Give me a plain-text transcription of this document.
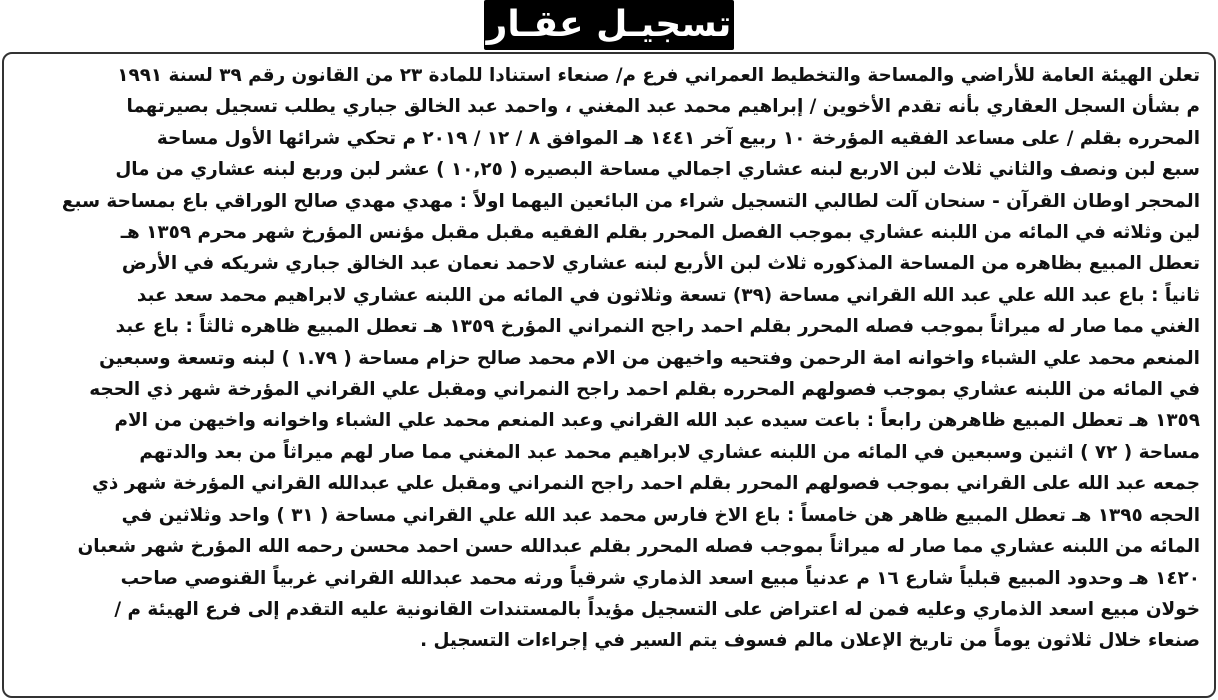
تسجيـل عقـار
تعلن الهيئة العامة للأراضي والمساحة والتخطيط العمراني فرع م/ صنعاء استنادا للمادة ٢٣ من القانون رقم ٣٩ لسنة ١٩٩١
م بشأن السجل العقاري بأنه تقدم الأخوين / إبراهيم محمد عبد المغني ، واحمد عبد الخالق جباري يطلب تسجيل بصيرتهما
المحرره بقلم / على مساعد الفقيه المؤرخة ١٠ ربيع آخر ١٤٤١ هـ الموافق ٨ / ١٢ / ٢٠١٩ م تحكي شرائها الأول مساحة
سبع لبن ونصف والثاني ثلاث لبن الاربع لبنه عشاري اجمالي مساحة البصيره ( ١٠,٢٥ ) عشر لبن وربع لبنه عشاري من مال
المحجر اوطان القرآن - سنحان آلت لطالبي التسجيل شراء من البائعين اليهما اولاً : مهدي مهدي صالح الوراقي باع بمساحة سبع
لين وثلاثه في المائه من اللبنه عشاري بموجب الفصل المحرر بقلم الفقيه مقبل مقبل مؤنس المؤرخ شهر محرم ١٣٥٩ هـ
تعطل المبيع بظاهره من المساحة المذكوره ثلاث لبن الأربع لبنه عشاري لاحمد نعمان عبد الخالق جباري شريكه في الأرض
ثانياً : باع عبد الله علي عبد الله القراني مساحة (٣٩) تسعة وثلاثون في المائه من اللبنه عشاري لابراهيم محمد سعد عبد
الغني مما صار له ميراثاً بموجب فصله المحرر بقلم احمد راجح النمراني المؤرخ ١٣٥٩ هـ تعطل المبيع ظاهره ثالثاً : باع عبد
المنعم محمد علي الشباء واخوانه امة الرحمن وفتحيه واخيهن من الام محمد صالح حزام مساحة ( ١.٧٩ ) لبنه وتسعة وسبعين
في المائه من اللبنه عشاري بموجب فصولهم المحرره بقلم احمد راجح النمراني ومقبل علي القراني المؤرخة شهر ذي الحجه
١٣٥٩ هـ تعطل المبيع ظاهرهن رابعاً : باعت سيده عبد الله القراني وعبد المنعم محمد علي الشباء واخوانه واخيهن من الام
مساحة ( ٧٢ ) اثنين وسبعين في المائه من اللبنه عشاري لابراهيم محمد عبد المغني مما صار لهم ميراثاً من بعد والدتهم
جمعه عبد الله على القراني بموجب فصولهم المحرر بقلم احمد راجح النمراني ومقبل علي عبدالله القراني المؤرخة شهر ذي
الحجه ١٣٩٥ هـ تعطل المبيع ظاهر هن خامساً : باع الاخ فارس محمد عبد الله علي القراني مساحة ( ٣١ ) واحد وثلاثين في
المائه من اللبنه عشاري مما صار له ميراثاً بموجب فصله المحرر بقلم عبدالله حسن احمد محسن رحمه الله المؤرخ شهر شعبان
١٤٢٠ هـ وحدود المبيع قبلياً شارع ١٦ م عدنياً مبيع اسعد الذماري شرقياً ورثه محمد عبدالله القراني غربياً القنوصي صاحب
خولان مبيع اسعد الذماري وعليه فمن له اعتراض على التسجيل مؤيداً بالمستندات القانونية عليه التقدم إلى فرع الهيئة م /
صنعاء خلال ثلاثون يوماً من تاريخ الإعلان مالم فسوف يتم السير في إجراءات التسجيل .
